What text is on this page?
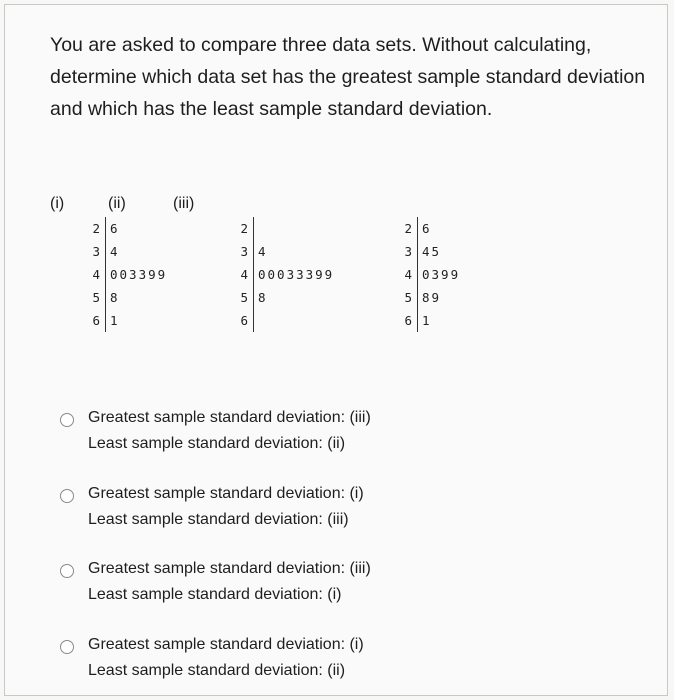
You are asked to compare three data sets. Without calculating, determine which data set has the greatest sample standard deviation and which has the least sample standard deviation.

(i)	(ii)	(iii)
2 6
3 4
4 003399
5 8
6 1
2
3 4
4 00033399
5 8
6
2 6
3 45
4 0399
5 89
6 1
Greatest sample standard deviation: (iii)
Least sample standard deviation: (ii)
Greatest sample standard deviation: (i)
Least sample standard deviation: (iii)
Greatest sample standard deviation: (iii)
Least sample standard deviation: (i)
Greatest sample standard deviation: (i)
Least sample standard deviation: (ii)
